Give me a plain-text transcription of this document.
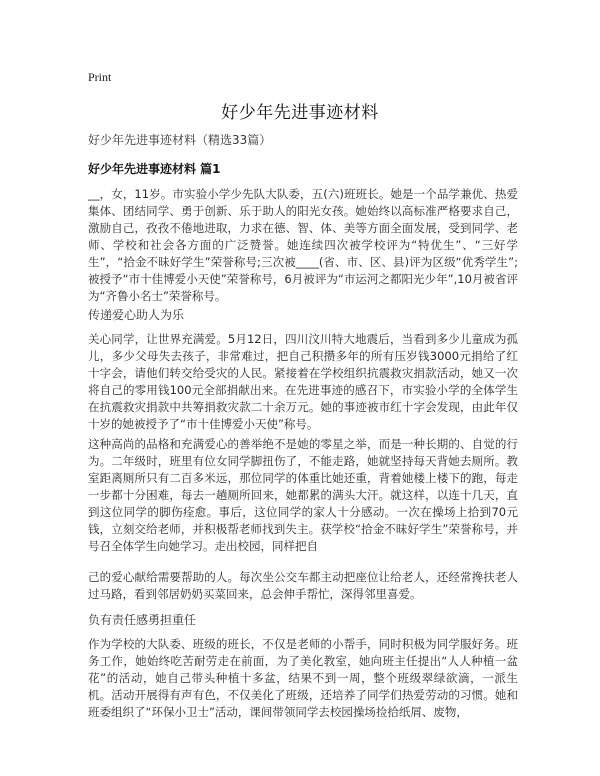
Print
好少年先进事迹材料
好少年先进事迹材料（精选33篇）
好少年先进事迹材料 篇1
__，女，11岁。市实验小学少先队大队委，五(六)班班长。她是一个品学兼优、热爱集体、团结同学、勇于创新、乐于助人的阳光女孩。她始终以高标准严格要求自己，激励自己，孜孜不倦地进取，力求在德、智、体、美等方面全面发展，受到同学、老师、学校和社会各方面的广泛赞誉。她连续四次被学校评为“特优生”、“三好学生”，“拾金不昧好学生”荣誉称号;三次被____(省、市、区、县)评为区级“优秀学生”;被授予“市十佳博爱小天使”荣誉称号，6月被评为“市运河之都阳光少年”,10月被省评为“齐鲁小名士”荣誉称号。
传递爱心助人为乐
关心同学，让世界充满爱。5月12日，四川汶川特大地震后，当看到多少儿童成为孤儿，多少父母失去孩子，非常难过，把自己积攒多年的所有压岁钱3000元捐给了红十字会，请他们转交给受灾的人民。紧接着在学校组织抗震救灾捐款活动，她又一次将自己的零用钱100元全部捐献出来。在先进事迹的感召下，市实验小学的全体学生在抗震救灾捐款中共筹捐救灾款二十余万元。她的事迹被市红十字会发现，由此年仅十岁的她被授予了“市十佳博爱小天使”称号。
这种高尚的品格和充满爱心的善举绝不是她的零星之举，而是一种长期的、自觉的行为。二年级时，班里有位女同学脚扭伤了，不能走路，她就坚持每天背她去厕所。教室距离厕所只有二百多米远，那位同学的体重比她还重，背着她楼上楼下的跑，每走一步都十分困难，每去一趟厕所回来，她都累的满头大汗。就这样，以连十几天，直到这位同学的脚伤痊愈。事后，这位同学的家人十分感动。一次在操场上拾到70元钱，立刻交给老师，并积极帮老师找到失主。获学校“拾金不昧好学生”荣誉称号，并号召全体学生向她学习。走出校园，同样把自
己的爱心献给需要帮助的人。每次坐公交车都主动把座位让给老人，还经常搀扶老人过马路，看到邻居奶奶买菜回来，总会伸手帮忙，深得邻里喜爱。
负有责任感勇担重任
作为学校的大队委、班级的班长，不仅是老师的小帮手，同时积极为同学服好务。班务工作，她始终吃苦耐劳走在前面，为了美化教室，她向班主任提出“人人种植一盆花”的活动，她自己带头种植十多盆，结果不到一周，整个班级翠绿欲滴，一派生机。活动开展得有声有色，不仅美化了班级，还培养了同学们热爱劳动的习惯。她和班委组织了“环保小卫士”活动，课间带领同学去校园操场捡拾纸屑、废物，
